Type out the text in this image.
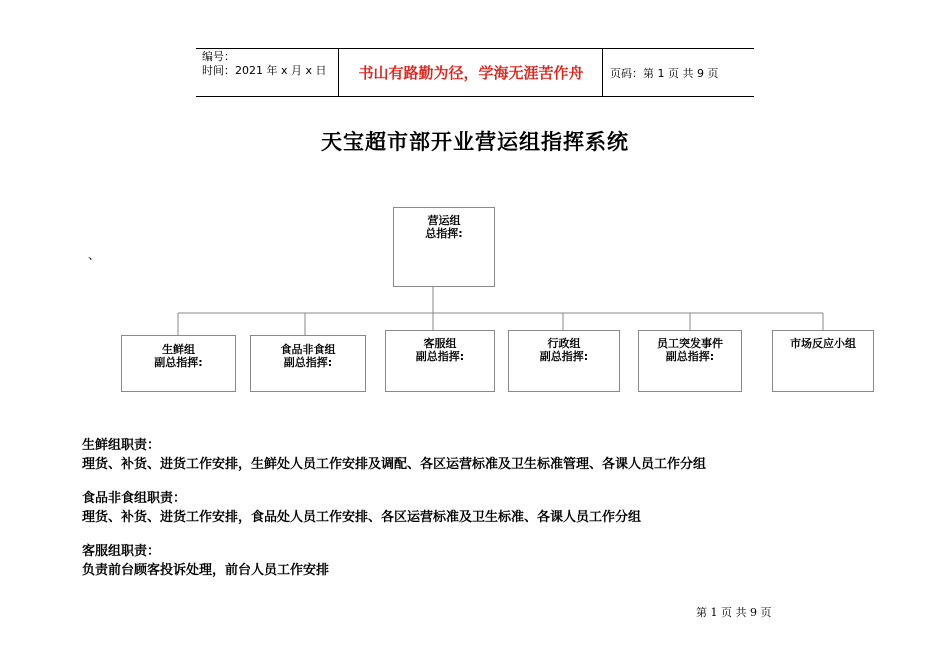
编号：
时间：2021 年 x 月 x 日	书山有路勤为径，学海无涯苦作舟	页码：第 1 页 共 9 页
天宝超市部开业营运组指挥系统
、
营运组
总指挥:
生鲜组
副总指挥:
食品非食组
副总指挥:
客服组
副总指挥:
行政组
副总指挥:
员工突发事件
副总指挥:
市场反应小组
生鲜组职责：
理货、补货、进货工作安排，生鲜处人员工作安排及调配、各区运营标准及卫生标准管理、各课人员工作分组
食品非食组职责：
理货、补货、进货工作安排，食品处人员工作安排、各区运营标准及卫生标准、各课人员工作分组
客服组职责：
负责前台顾客投诉处理，前台人员工作安排
第 1 页 共 9 页
